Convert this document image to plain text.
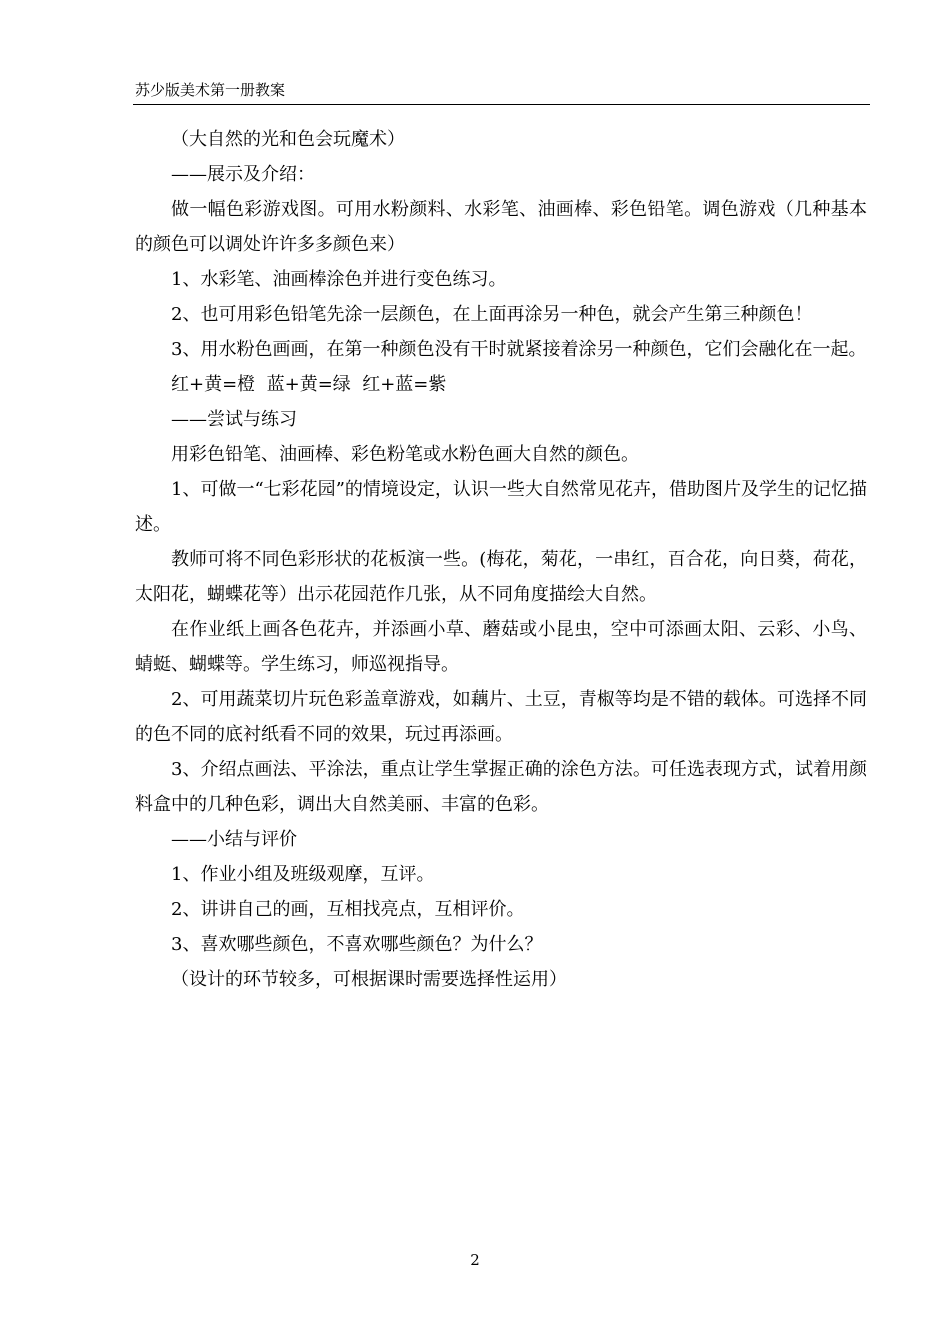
苏少版美术第一册教案

（大自然的光和色会玩魔术）

——展示及介绍：

做一幅色彩游戏图。可用水粉颜料、水彩笔、油画棒、彩色铅笔。调色游戏（几种基本的颜色可以调处许许多多颜色来）

1、水彩笔、油画棒涂色并进行变色练习。

2、也可用彩色铅笔先涂一层颜色，在上面再涂另一种色，就会产生第三种颜色！

3、用水粉色画画，在第一种颜色没有干时就紧接着涂另一种颜色，它们会融化在一起。

红+黄=橙  蓝+黄=绿  红+蓝=紫

——尝试与练习

用彩色铅笔、油画棒、彩色粉笔或水粉色画大自然的颜色。

1、可做一“七彩花园”的情境设定，认识一些大自然常见花卉，借助图片及学生的记忆描述。

教师可将不同色彩形状的花板演一些。(梅花，菊花，一串红，百合花，向日葵，荷花，太阳花，蝴蝶花等）出示花园范作几张，从不同角度描绘大自然。

在作业纸上画各色花卉，并添画小草、蘑菇或小昆虫，空中可添画太阳、云彩、小鸟、蜻蜓、蝴蝶等。学生练习，师巡视指导。

2、可用蔬菜切片玩色彩盖章游戏，如藕片、土豆，青椒等均是不错的载体。可选择不同的色不同的底衬纸看不同的效果，玩过再添画。

3、介绍点画法、平涂法，重点让学生掌握正确的涂色方法。可任选表现方式，试着用颜料盒中的几种色彩，调出大自然美丽、丰富的色彩。

——小结与评价

1、作业小组及班级观摩，互评。

2、讲讲自己的画，互相找亮点，互相评价。

3、喜欢哪些颜色，不喜欢哪些颜色？为什么？

（设计的环节较多，可根据课时需要选择性运用）

2
